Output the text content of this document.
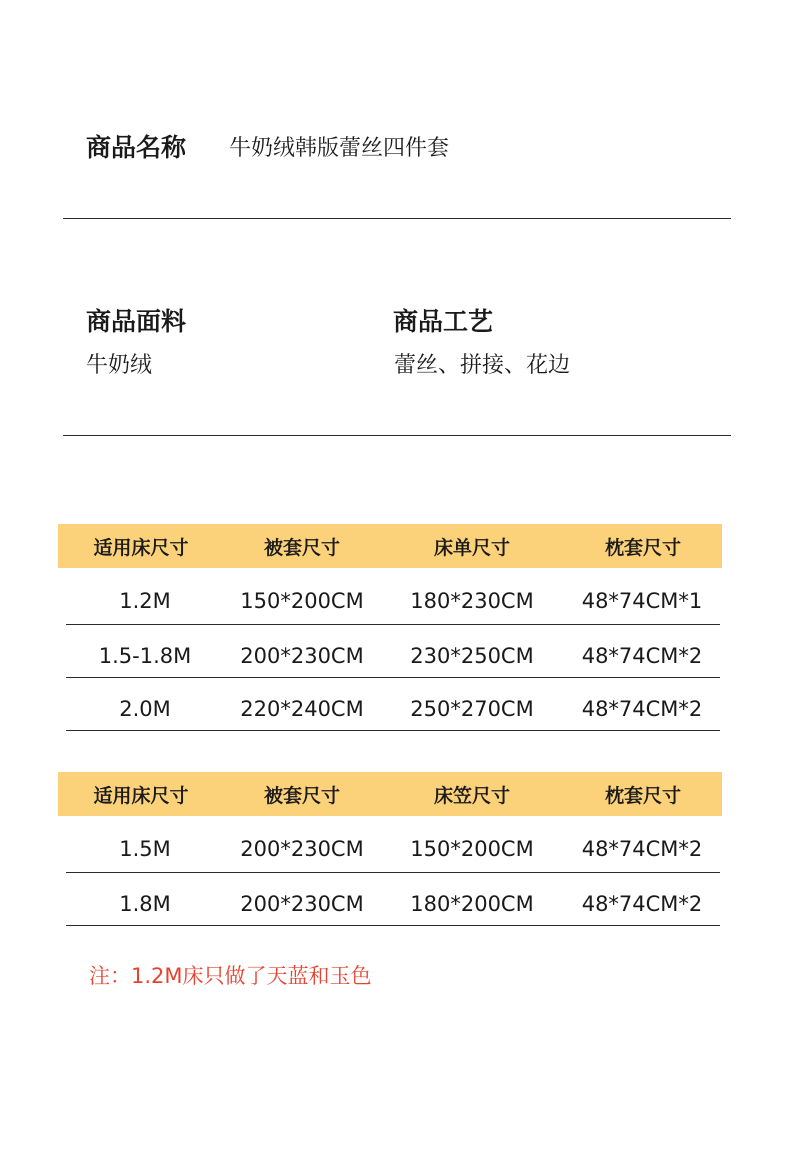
商品名称 牛奶绒韩版蕾丝四件套
商品面料
牛奶绒
商品工艺
蕾丝、拼接、花边
适用床尺寸	被套尺寸	床单尺寸	枕套尺寸
1.2M	150*200CM	180*230CM	48*74CM*1
1.5-1.8M	200*230CM	230*250CM	48*74CM*2
2.0M	220*240CM	250*270CM	48*74CM*2
适用床尺寸	被套尺寸	床笠尺寸	枕套尺寸
1.5M	200*230CM	150*200CM	48*74CM*2
1.8M	200*230CM	180*200CM	48*74CM*2
注：1.2M床只做了天蓝和玉色
